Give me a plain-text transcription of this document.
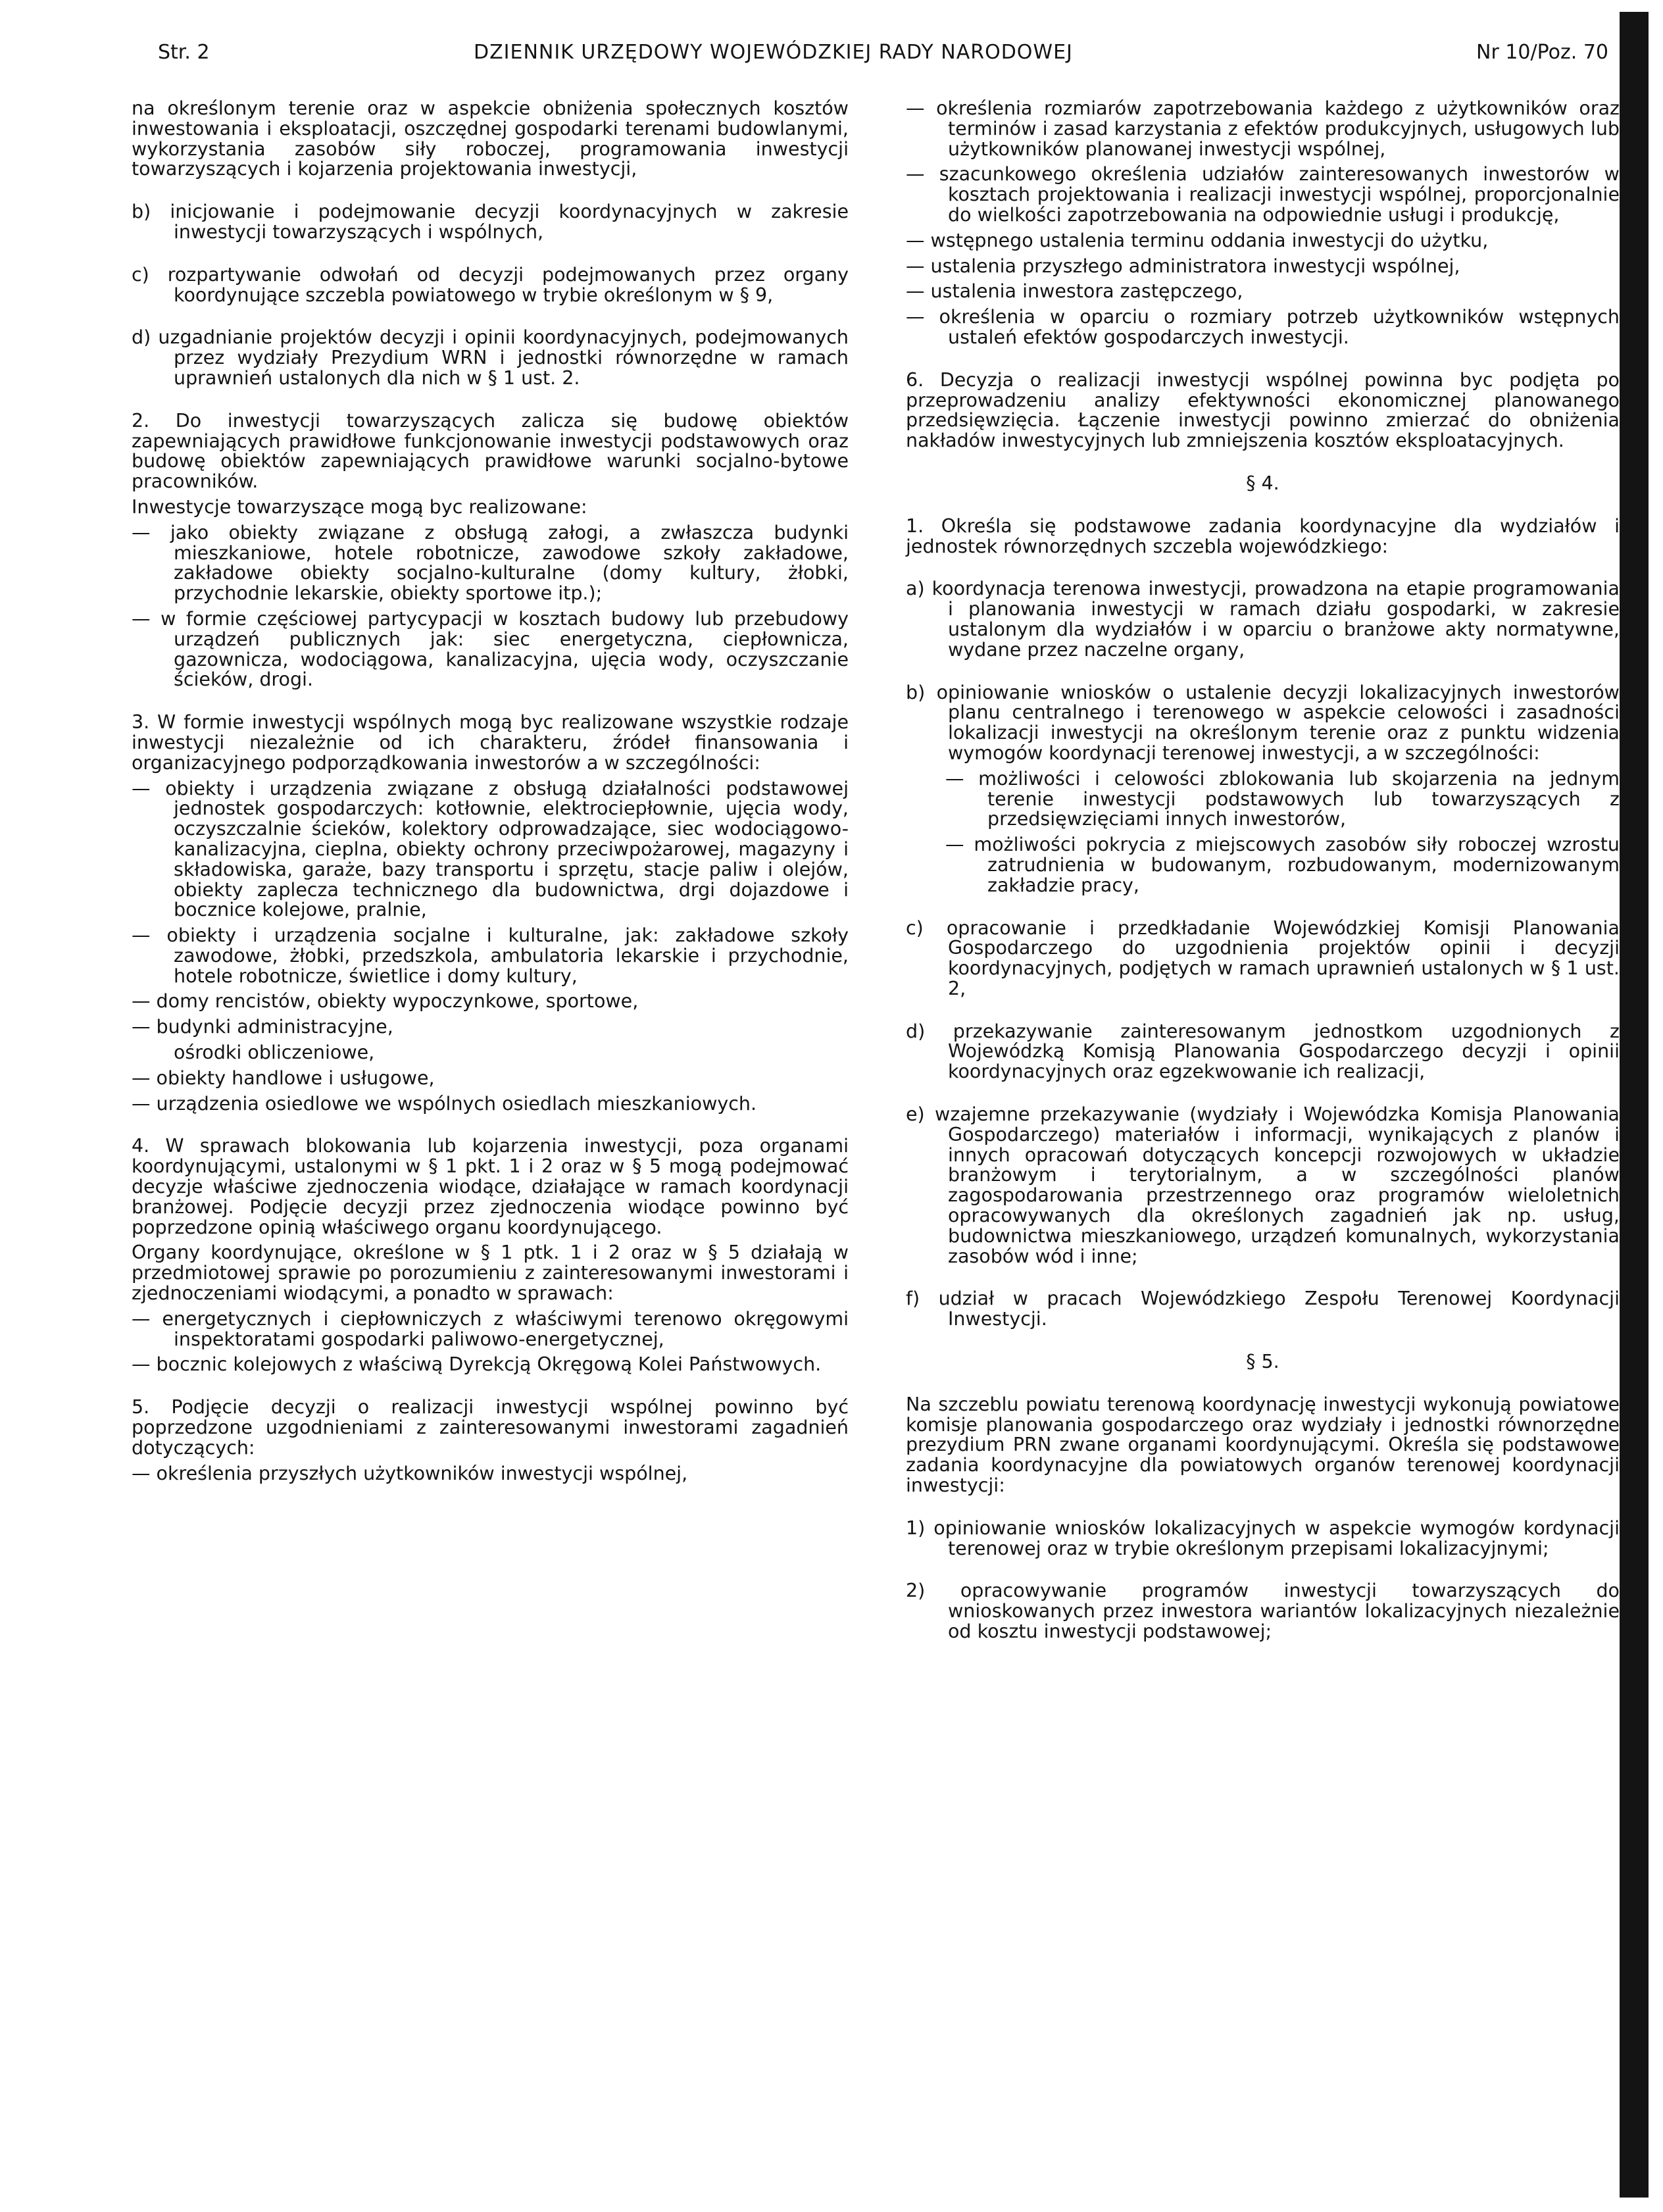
Str. 2	DZIENNIK URZĘDOWY WOJEWÓDZKIEJ RADY NARODOWEJ	Nr 10/Poz. 70

na określonym terenie oraz w aspekcie obniżenia społecznych kosztów inwestowania i eksploatacji, oszczędnej gospodarki terenami budowlanymi, wykorzystania zasobów siły roboczej, programowania inwestycji towarzyszących i kojarzenia projektowania inwestycji,

b) inicjowanie i podejmowanie decyzji koordynacyjnych w zakresie inwestycji towarzyszących i wspólnych,

c) rozpartywanie odwołań od decyzji podejmowanych przez organy koordynujące szczebla powiatowego w trybie określonym w § 9,

d) uzgadnianie projektów decyzji i opinii koordynacyjnych, podejmowanych przez wydziały Prezydium WRN i jednostki równorzędne w ramach uprawnień ustalonych dla nich w § 1 ust. 2.

2. Do inwestycji towarzyszących zalicza się budowę obiektów zapewniających prawidłowe funkcjonowanie inwestycji podstawowych oraz budowę obiektów zapewniających prawidłowe warunki socjalno-bytowe pracowników.

Inwestycje towarzyszące mogą byc realizowane:

— jako obiekty związane z obsługą załogi, a zwłaszcza budynki mieszkaniowe, hotele robotnicze, zawodowe szkoły zakładowe, zakładowe obiekty socjalno-kulturalne (domy kultury, żłobki, przychodnie lekarskie, obiekty sportowe itp.);

— w formie częściowej partycypacji w kosztach budowy lub przebudowy urządzeń publicznych jak: siec energetyczna, ciepłownicza, gazownicza, wodociągowa, kanalizacyjna, ujęcia wody, oczyszczanie ścieków, drogi.

3. W formie inwestycji wspólnych mogą byc realizowane wszystkie rodzaje inwestycji niezależnie od ich charakteru, źródeł finansowania i organizacyjnego podporządkowania inwestorów a w szczególności:

— obiekty i urządzenia związane z obsługą działalności podstawowej jednostek gospodarczych: kotłownie, elektrociepłownie, ujęcia wody, oczyszczalnie ścieków, kolektory odprowadzające, siec wodociągowo-kanalizacyjna, cieplna, obiekty ochrony przeciwpożarowej, magazyny i składowiska, garaże, bazy transportu i sprzętu, stacje paliw i olejów, obiekty zaplecza technicznego dla budownictwa, drgi dojazdowe i bocznice kolejowe, pralnie,

— obiekty i urządzenia socjalne i kulturalne, jak: zakładowe szkoły zawodowe, żłobki, przedszkola, ambulatoria lekarskie i przychodnie, hotele robotnicze, świetlice i domy kultury,

— domy rencistów, obiekty wypoczynkowe, sportowe,

— budynki administracyjne,

ośrodki obliczeniowe,

— obiekty handlowe i usługowe,

— urządzenia osiedlowe we wspólnych osiedlach mieszkaniowych.

4. W sprawach blokowania lub kojarzenia inwestycji, poza organami koordynującymi, ustalonymi w § 1 pkt. 1 i 2 oraz w § 5 mogą podejmować decyzje właściwe zjednoczenia wiodące, działające w ramach koordynacji branżowej. Podjęcie decyzji przez zjednoczenia wiodące powinno być poprzedzone opinią właściwego organu koordynującego.

Organy koordynujące, określone w § 1 ptk. 1 i 2 oraz w § 5 działają w przedmiotowej sprawie po porozumieniu z zainteresowanymi inwestorami i zjednoczeniami wiodącymi, a ponadto w sprawach:

— energetycznych i ciepłowniczych z właściwymi terenowo okręgowymi inspektoratami gospodarki paliwowo-energetycznej,

— bocznic kolejowych z właściwą Dyrekcją Okręgową Kolei Państwowych.

5. Podjęcie decyzji o realizacji inwestycji wspólnej powinno być poprzedzone uzgodnieniami z zainteresowanymi inwestorami zagadnień dotyczących:

— określenia przyszłych użytkowników inwestycji wspólnej,

— określenia rozmiarów zapotrzebowania każdego z użytkowników oraz terminów i zasad karzystania z efektów produkcyjnych, usługowych lub użytkowników planowanej inwestycji wspólnej,

— szacunkowego określenia udziałów zainteresowanych inwestorów w kosztach projektowania i realizacji inwestycji wspólnej, proporcjonalnie do wielkości zapotrzebowania na odpowiednie usługi i produkcję,

— wstępnego ustalenia terminu oddania inwestycji do użytku,

— ustalenia przyszłego administratora inwestycji wspólnej,

— ustalenia inwestora zastępczego,

— określenia w oparciu o rozmiary potrzeb użytkowników wstępnych ustaleń efektów gospodarczych inwestycji.

6. Decyzja o realizacji inwestycji wspólnej powinna byc podjęta po przeprowadzeniu analizy efektywności ekonomicznej planowanego przedsięwzięcia. Łączenie inwestycji powinno zmierzać do obniżenia nakładów inwestycyjnych lub zmniejszenia kosztów eksploatacyjnych.

§ 4.

1. Określa się podstawowe zadania koordynacyjne dla wydziałów i jednostek równorzędnych szczebla wojewódzkiego:

a) koordynacja terenowa inwestycji, prowadzona na etapie programowania i planowania inwestycji w ramach działu gospodarki, w zakresie ustalonym dla wydziałów i w oparciu o branżowe akty normatywne, wydane przez naczelne organy,

b) opiniowanie wniosków o ustalenie decyzji lokalizacyjnych inwestorów planu centralnego i terenowego w aspekcie celowości i zasadności lokalizacji inwestycji na określonym terenie oraz z punktu widzenia wymogów koordynacji terenowej inwestycji, a w szczególności:

— możliwości i celowości zblokowania lub skojarzenia na jednym terenie inwestycji podstawowych lub towarzyszących z przedsięwzięciami innych inwestorów,

— możliwości pokrycia z miejscowych zasobów siły roboczej wzrostu zatrudnienia w budowanym, rozbudowanym, modernizowanym zakładzie pracy,

c) opracowanie i przedkładanie Wojewódzkiej Komisji Planowania Gospodarczego do uzgodnienia projektów opinii i decyzji koordynacyjnych, podjętych w ramach uprawnień ustalonych w § 1 ust. 2,

d) przekazywanie zainteresowanym jednostkom uzgodnionych z Wojewódzką Komisją Planowania Gospodarczego decyzji i opinii koordynacyjnych oraz egzekwowanie ich realizacji,

e) wzajemne przekazywanie (wydziały i Wojewódzka Komisja Planowania Gospodarczego) materiałów i informacji, wynikających z planów i innych opracowań dotyczących koncepcji rozwojowych w układzie branżowym i terytorialnym, a w szczególności planów zagospodarowania przestrzennego oraz programów wieloletnich opracowywanych dla określonych zagadnień jak np. usług, budownictwa mieszkaniowego, urządzeń komunalnych, wykorzystania zasobów wód i inne;

f) udział w pracach Wojewódzkiego Zespołu Terenowej Koordynacji Inwestycji.

§ 5.

Na szczeblu powiatu terenową koordynację inwestycji wykonują powiatowe komisje planowania gospodarczego oraz wydziały i jednostki równorzędne prezydium PRN zwane organami koordynującymi. Określa się podstawowe zadania koordynacyjne dla powiatowych organów terenowej koordynacji inwestycji:

1) opiniowanie wniosków lokalizacyjnych w aspekcie wymogów kordynacji terenowej oraz w trybie określonym przepisami lokalizacyjnymi;

2) opracowywanie programów inwestycji towarzyszących do wnioskowanych przez inwestora wariantów lokalizacyjnych niezależnie od kosztu inwestycji podstawowej;
